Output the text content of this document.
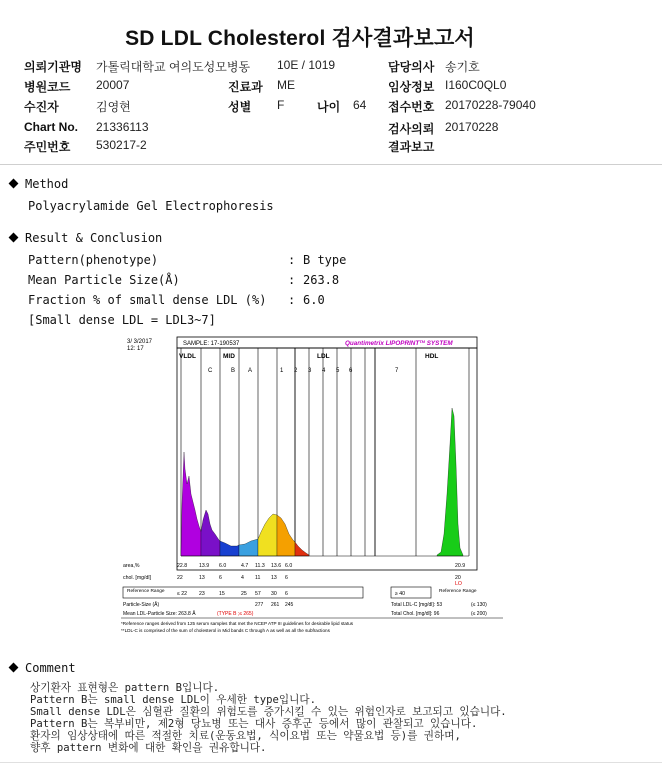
SD LDL Cholesterol 검사결과보고서
의뢰기관명 가톨릭대학교 여의도성모병동 10E / 1019	담당의사 송기호
병원코드 20007	진료과 ME	임상정보 I160C0QL0
수진자	김영현	성별 F	나이 64 접수번호 20170228-79040
Chart No. 21336113	검사의뢰 20170228
주민번호 530217-2	결과보고
Method
Polyacrylamide Gel Electrophoresis
Result & Conclusion
Pattern(phenotype)	: B type
Mean Particle Size(Å)	: 263.8
Fraction % of small dense LDL (%) : 6.0
[Small dense LDL = LDL3~7]
3/ 3/2017
12: 17
SAMPLE: 17-190537	Quantimetrix LIPOPRINT™ SYSTEM
VLDL	MID	LDL	HDL
C	B A	1 2 3 4 5 6	7
area,%	22.8 13.9 6.0	4.7 11.3 13.6 6.0	20.9
chol. [mg/dl]	22	13	6	4 11 13 6	20
LO
Reference Range ≤ 22 23	15	25 57 30 6	≥ 40	Reference Range
Particle-Size (Å)	277 261 245
Mean LDL-Particle Size: 263.8 Å	(TYPE B ;≤ 265)
Total LDL-C [mg/dl]: 53	(≤ 130)
Total Chol. [mg/dl]: 96	(≤ 200)
*Reference ranges derived from 125 serum samples that met the NCEP ATP III guidelines for desirable lipid status
**LDL-C is comprised of the sum of cholesterol in Mid bands C through A as well as all the subfractions
Comment
상기환자 표현형은 pattern B입니다.
Pattern B는 small dense LDL이 우세한 type입니다.
Small dense LDL은 심혈관 질환의 위험도를 증가시킬 수 있는 위험인자로 보고되고 있습니다.
Pattern B는 복부비만, 제2형 당뇨병 또는 대사 증후군 등에서 많이 관찰되고 있습니다.
환자의 임상상태에 따른 적절한 치료(운동요법, 식이요법 또는 약물요법 등)를 권하며,
향후 pattern 변화에 대한 확인을 권유합니다.
